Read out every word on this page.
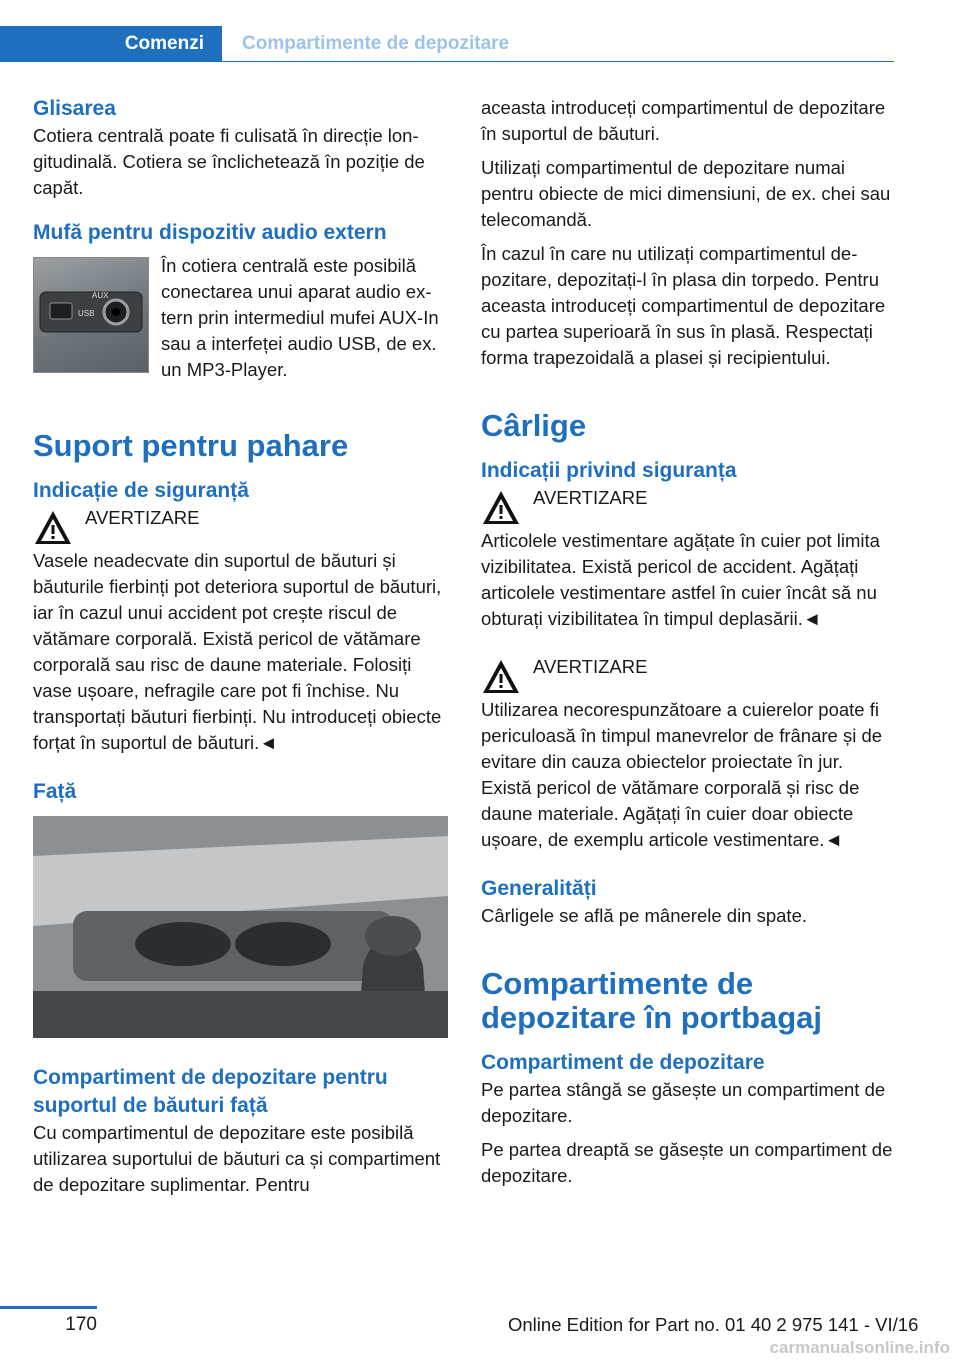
Comenzi	Compartimente de depozitare
Glisarea

Cotiera centrală poate fi culisată în direcție longitudinală. Cotiera se înclichetează în poziție de capăt.

Mufă pentru dispozitiv audio extern
USB
AUX

În cotiera centrală este posibilă conectarea unui aparat audio extern prin intermediul mufei AUX-In sau a interfeței audio USB, de ex. un MP3-Player.

Suport pentru pahare
Indicație de siguranță
AVERTIZARE

Vasele neadecvate din suportul de băuturi și băuturile fierbinți pot deteriora suportul de băuturi, iar în cazul unui accident pot crește riscul de vătămare corporală. Există pericol de vătămare corporală sau risc de daune materiale. Folosiți vase ușoare, nefragile care pot fi închise. Nu transportați băuturi fierbinți. Nu introduceți obiecte forțat în suportul de băuturi.◄

Față
Compartiment de depozitare pentru suportul de băuturi față

Cu compartimentul de depozitare este posibilă utilizarea suportului de băuturi ca și compartiment de depozitare suplimentar. Pentru

aceasta introduceți compartimentul de depozitare în suportul de băuturi.

Utilizați compartimentul de depozitare numai pentru obiecte de mici dimensiuni, de ex. chei sau telecomandă.

În cazul în care nu utilizați compartimentul depozitare, depozitați-l în plasa din torpedo. Pentru aceasta introduceți compartimentul de depozitare cu partea superioară în sus în plasă. Respectați forma trapezoidală a plasei și recipientului.

Cârlige
Indicații privind siguranța
AVERTIZARE

Articolele vestimentare agățate în cuier pot limita vizibilitatea. Există pericol de accident. Agățați articolele vestimentare astfel în cuier încât să nu obturați vizibilitatea în timpul deplasării.◄

AVERTIZARE

Utilizarea necorespunzătoare a cuierelor poate fi periculoasă în timpul manevrelor de frânare și de evitare din cauza obiectelor proiectate în jur. Există pericol de vătămare corporală și risc de daune materiale. Agățați în cuier doar obiecte ușoare, de exemplu articole vestimentare.◄

Generalități

Cârligele se află pe mânerele din spate.

Compartimente de depozitare în portbagaj
Compartiment de depozitare

Pe partea stângă se găsește un compartiment de depozitare.

Pe partea dreaptă se găsește un compartiment de depozitare.

170	Online Edition for Part no. 01 40 2 975 141 - VI/16
carmanualsonline.info
